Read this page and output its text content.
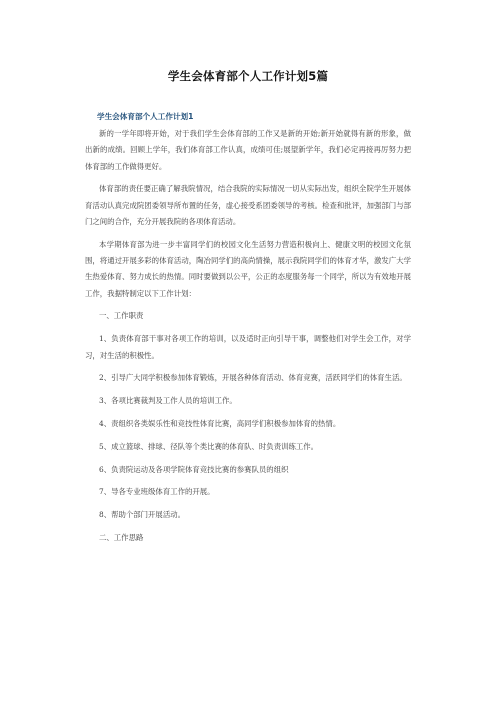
学生会体育部个人工作计划5篇
学生会体育部个人工作计划1

新的一学年即将开始，对于我们学生会体育部的工作又是新的开始;新开始就得有新的形象，做出新的成绩。回顾上学年，我们体育部工作认真，成绩可佳;展望新学年，我们必定再接再厉努力把体育部的工作做得更好。

体育部的责任要正确了解我院情况，结合我院的实际情况一切从实际出发，组织全院学生开展体育活动认真完成院团委领导所布置的任务，虚心接受系团委领导的考核。检查和批评，加强部门与部门之间的合作，充分开展我院的各项体育活动。

本学期体育部为进一步丰富同学们的校园文化生活努力营造积极向上、健康文明的校园文化氛围，将通过开展多彩的体育活动，陶冶同学们的高尚情操，展示我院同学们的体育才华，激发广大学生热爱体育、努力成长的热情。同时要做到以公平，公正的态度服务每一个同学，所以为有效地开展工作，我据特制定以下工作计划：

一、工作职责

1、负责体育部干事对各项工作的培训，以及适时正向引导干事，调整他们对学生会工作，对学习，对生活的积极性。

2、引导广大同学积极参加体育锻炼，开展各种体育活动、体育竞赛，活跃同学们的体育生活。

3、各项比赛裁判及工作人员的培训工作。

4、责组织各类娱乐性和竞技性体育比赛，高同学们积极参加体育的热情。

5、成立篮球、排球、径队等个类比赛的体育队、时负责训练工作。

6、负责院运动及各项学院体育竞技比赛的参赛队员的组织

7、导各专业班级体育工作的开展。

8、帮助个部门开展活动。

二、工作思路
